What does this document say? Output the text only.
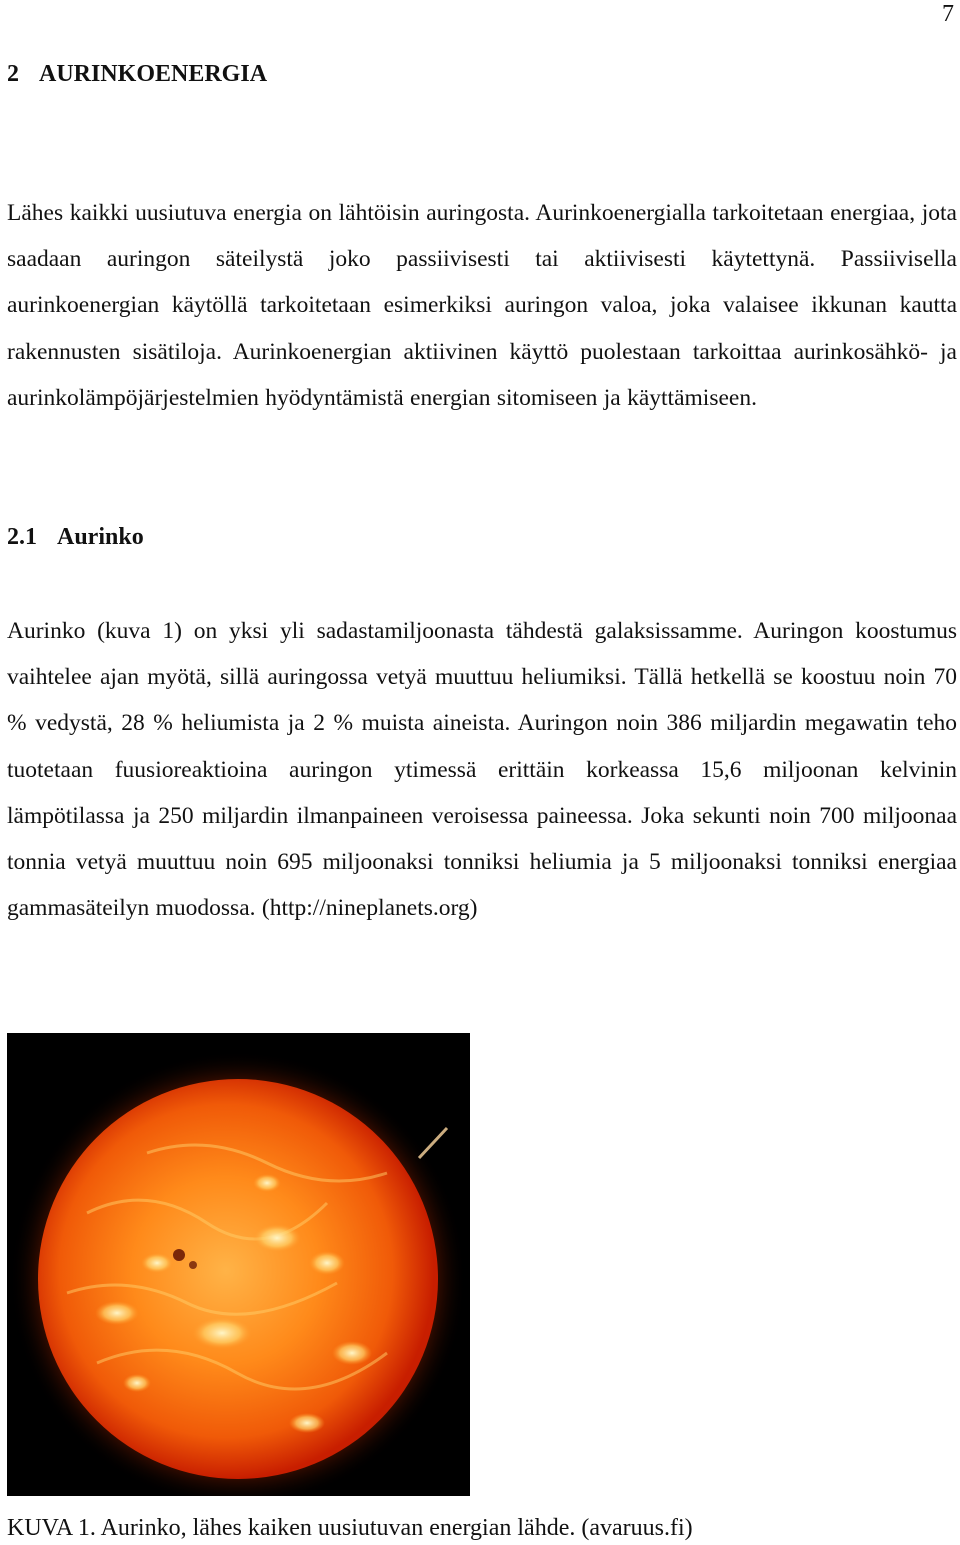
7
2 AURINKOENERGIA

Lähes kaikki uusiutuva energia on lähtöisin auringosta. Aurinkoenergialla tarkoitetaan energiaa, jota saadaan auringon säteilystä joko passiivisesti tai aktiivisesti käytettynä. Passiivisella aurinkoenergian käytöllä tarkoitetaan esimerkiksi auringon valoa, joka valaisee ikkunan kautta rakennusten sisätiloja. Aurinkoenergian aktiivinen käyttö puolestaan tarkoittaa aurinkosähkö- ja aurinkolämpöjärjestelmien hyödyntämistä energian sitomiseen ja käyttämiseen.

2.1 Aurinko

Aurinko (kuva 1) on yksi yli sadastamiljoonasta tähdestä galaksissamme. Auringon koostumus vaihtelee ajan myötä, sillä auringossa vetyä muuttuu heliumiksi. Tällä hetkellä se koostuu noin 70 % vedystä, 28 % heliumista ja 2 % muista aineista. Auringon noin 386 miljardin megawatin teho tuotetaan fuusioreaktioina auringon ytimessä erittäin korkeassa 15,6 miljoonan kelvinin lämpötilassa ja 250 miljardin ilmanpaineen veroisessa paineessa. Joka sekunti noin 700 miljoonaa tonnia vetyä muuttuu noin 695 miljoonaksi tonniksi heliumia ja 5 miljoonaksi tonniksi energiaa gammasäteilyn muodossa. (http://nineplanets.org)

KUVA 1. Aurinko, lähes kaiken uusiutuvan energian lähde. (avaruus.fi)
